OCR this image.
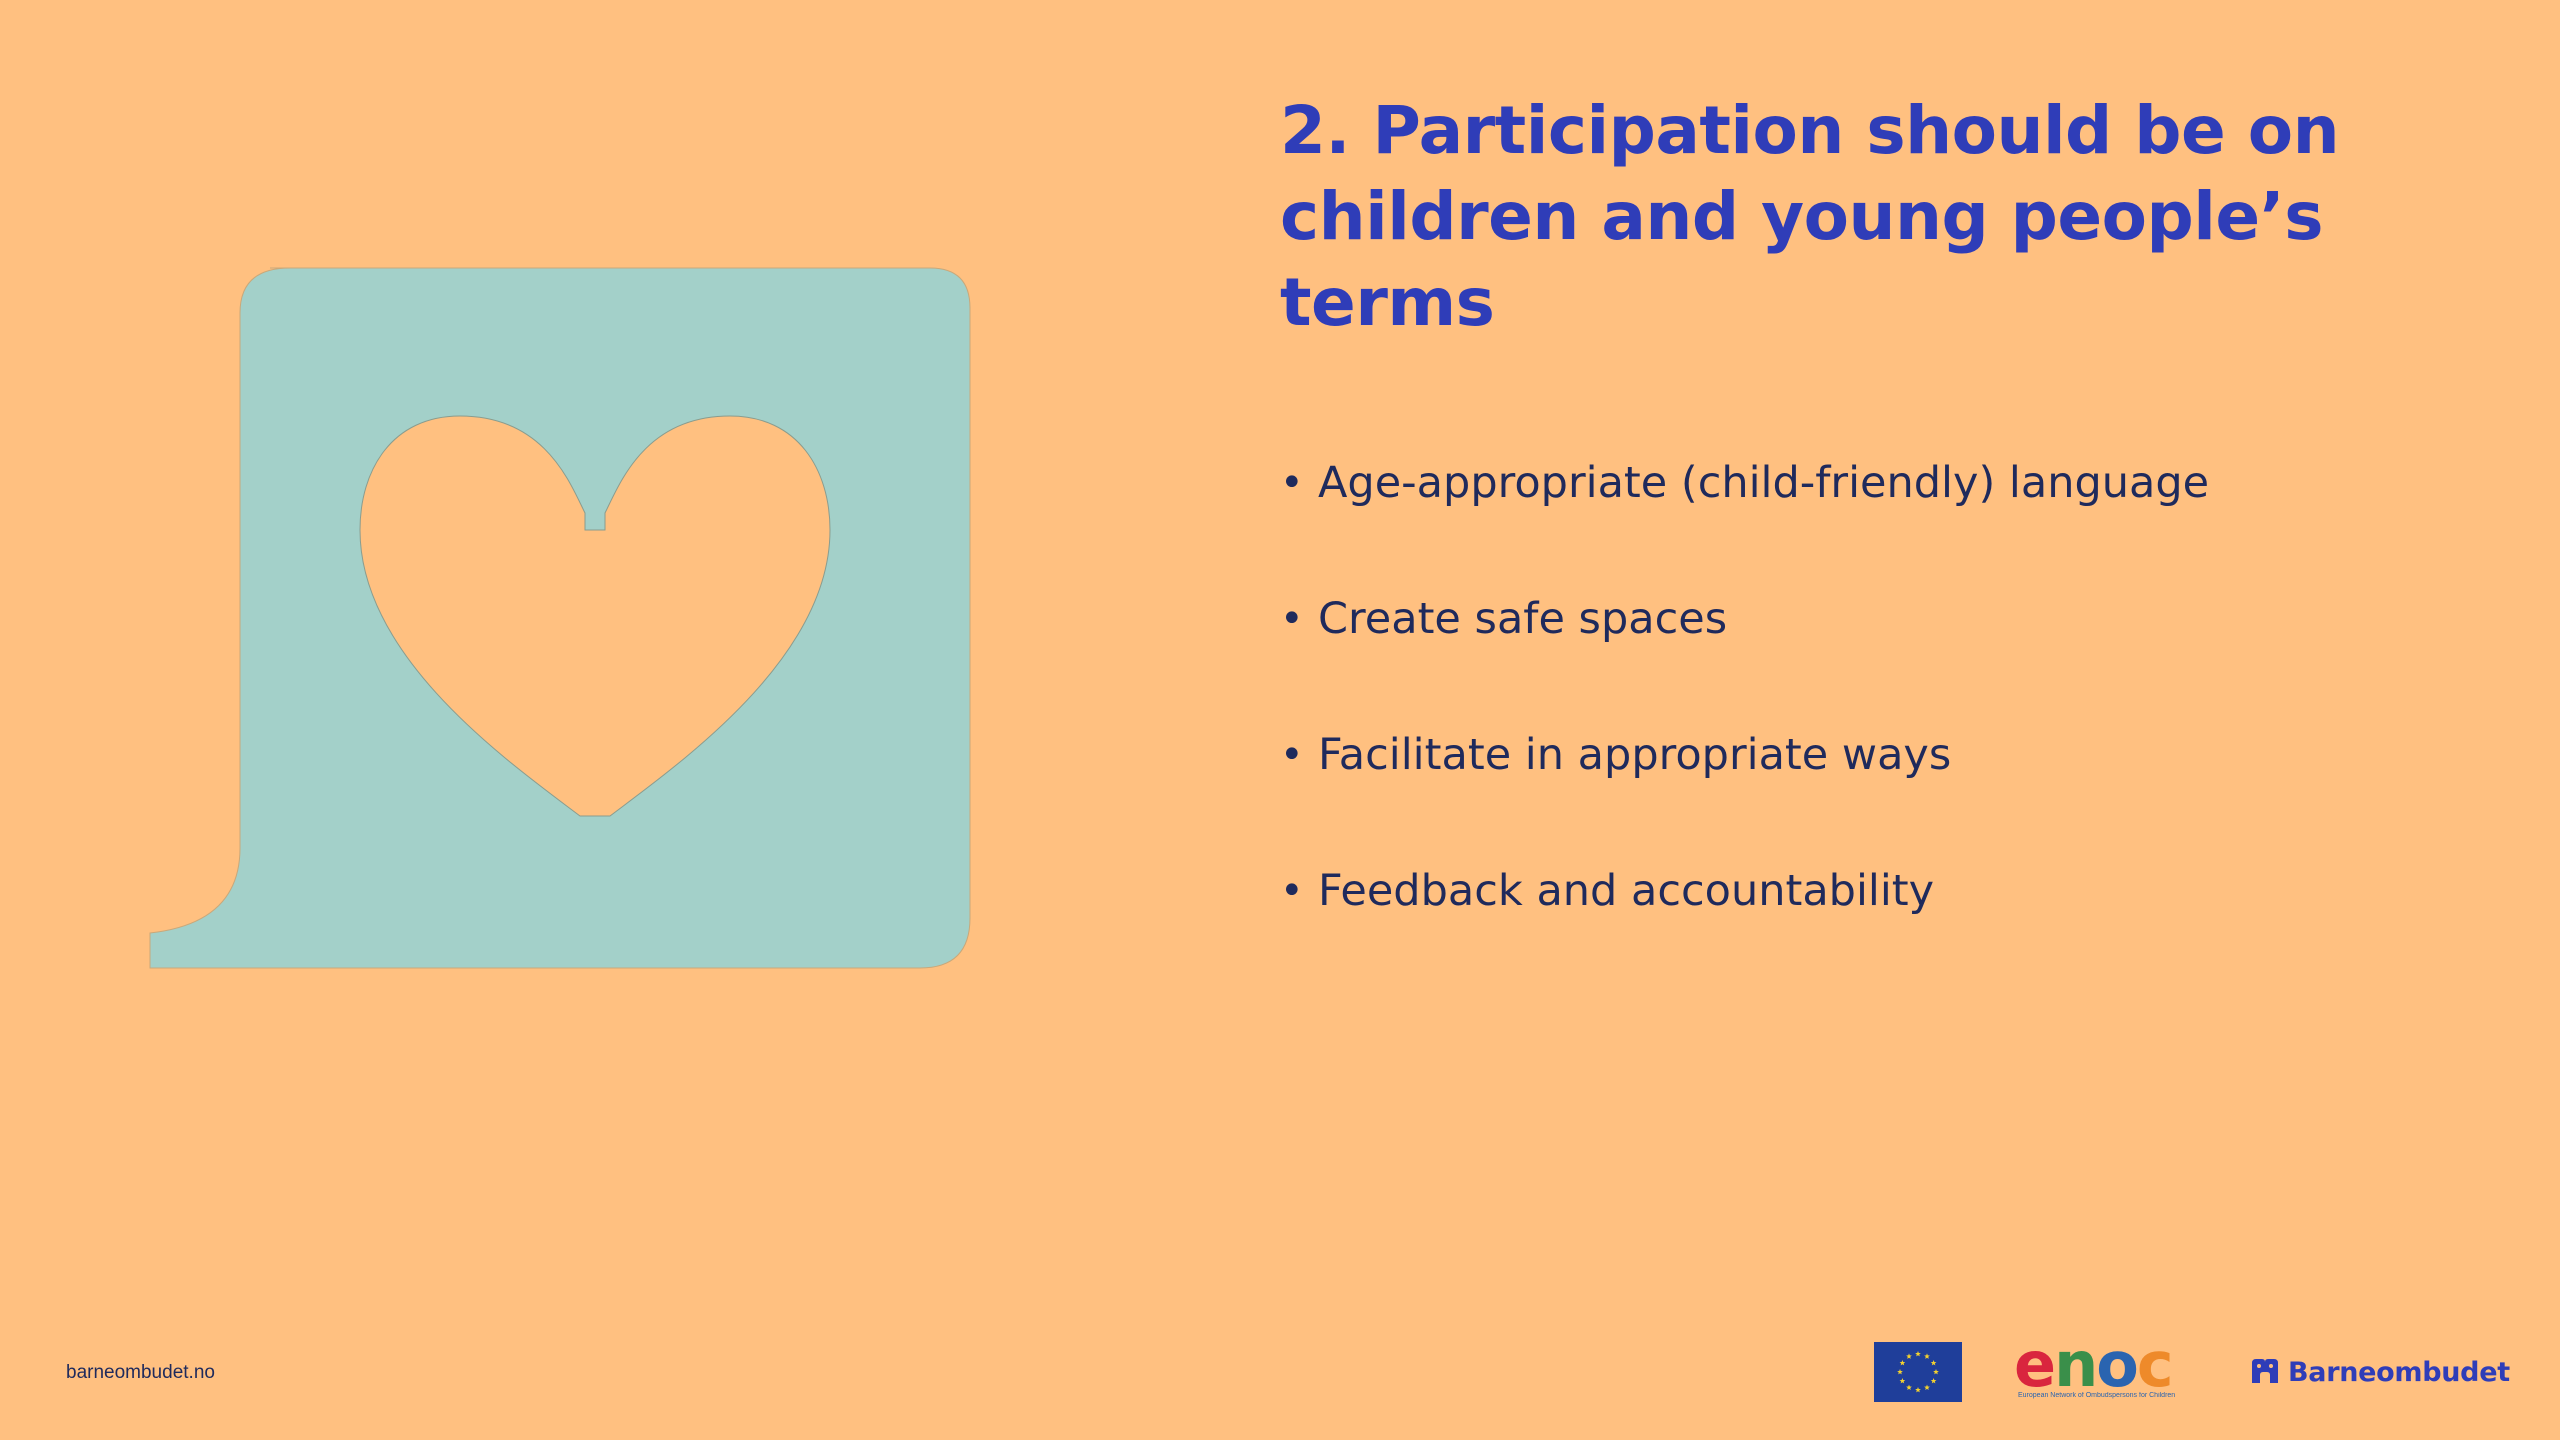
2. Participation should be on children and young people’s terms
• Age-appropriate (child-friendly) language
• Create safe spaces
• Facilitate in appropriate ways
• Feedback and accountability
barneombudet.no	enoc
European Network of Ombudspersons for Children
Barneombudet
